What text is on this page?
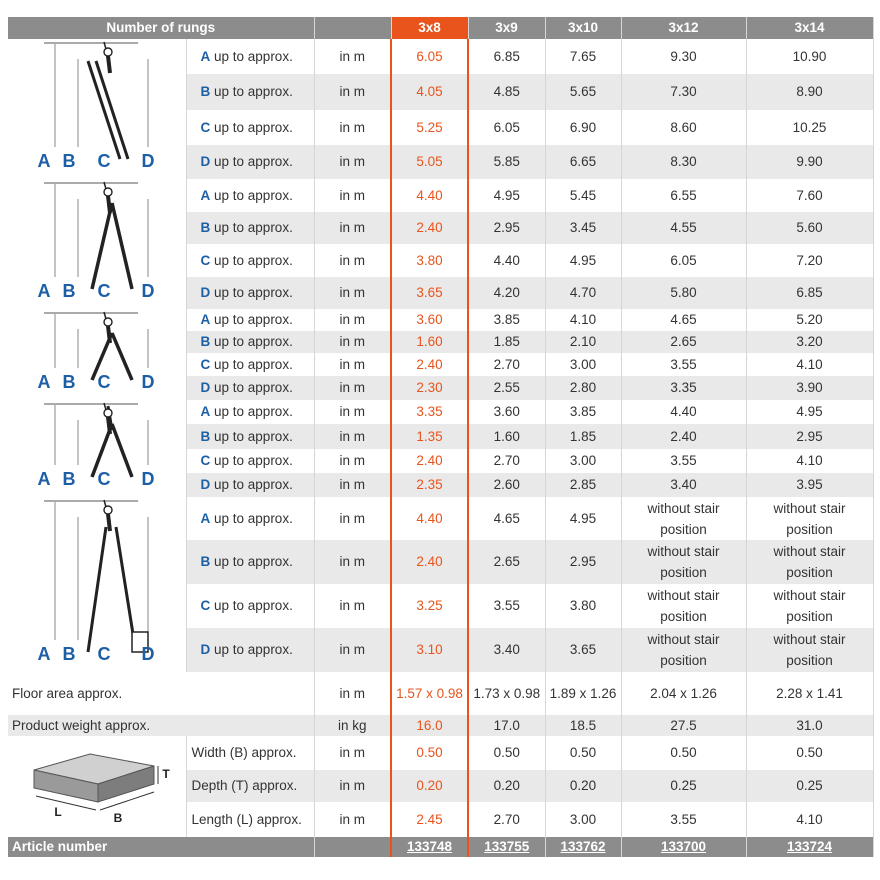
Number of rungs			3x8	3x9	3x10	3x12	3x14

A B C D	A up to approx.	in m	6.05	6.85	7.65	9.30	10.90
	B up to approx.	in m	4.05	4.85	5.65	7.30	8.90
	C up to approx.	in m	5.25	6.05	6.90	8.60	10.25
	D up to approx.	in m	5.05	5.85	6.65	8.30	9.90

A B C D	A up to approx.	in m	4.40	4.95	5.45	6.55	7.60
	B up to approx.	in m	2.40	2.95	3.45	4.55	5.60
	C up to approx.	in m	3.80	4.40	4.95	6.05	7.20
	D up to approx.	in m	3.65	4.20	4.70	5.80	6.85

A B C D	A up to approx.	in m	3.60	3.85	4.10	4.65	5.20
	B up to approx.	in m	1.60	1.85	2.10	2.65	3.20
	C up to approx.	in m	2.40	2.70	3.00	3.55	4.10
	D up to approx.	in m	2.30	2.55	2.80	3.35	3.90

A B C D	A up to approx.	in m	3.35	3.60	3.85	4.40	4.95
	B up to approx.	in m	1.35	1.60	1.85	2.40	2.95
	C up to approx.	in m	2.40	2.70	3.00	3.55	4.10
	D up to approx.	in m	2.35	2.60	2.85	3.40	3.95

A B C D	A up to approx.	in m	4.40	4.65	4.95	without stair position	without stair position
	B up to approx.	in m	2.40	2.65	2.95	without stair position	without stair position
	C up to approx.	in m	3.25	3.55	3.80	without stair position	without stair position
	D up to approx.	in m	3.10	3.40	3.65	without stair position	without stair position
Floor area approx.		in m	1.57 x 0.98	1.73 x 0.98	1.89 x 1.26	2.04 x 1.26	2.28 x 1.41
Product weight approx.		in kg	16.0	17.0	18.5	27.5	31.0

T
L B	Width (B) approx.	in m	0.50	0.50	0.50	0.50	0.50
	Depth (T) approx.	in m	0.20	0.20	0.20	0.25	0.25
	Length (L) approx.	in m	2.45	2.70	3.00	3.55	4.10
Article number			133748	133755	133762	133700	133724
